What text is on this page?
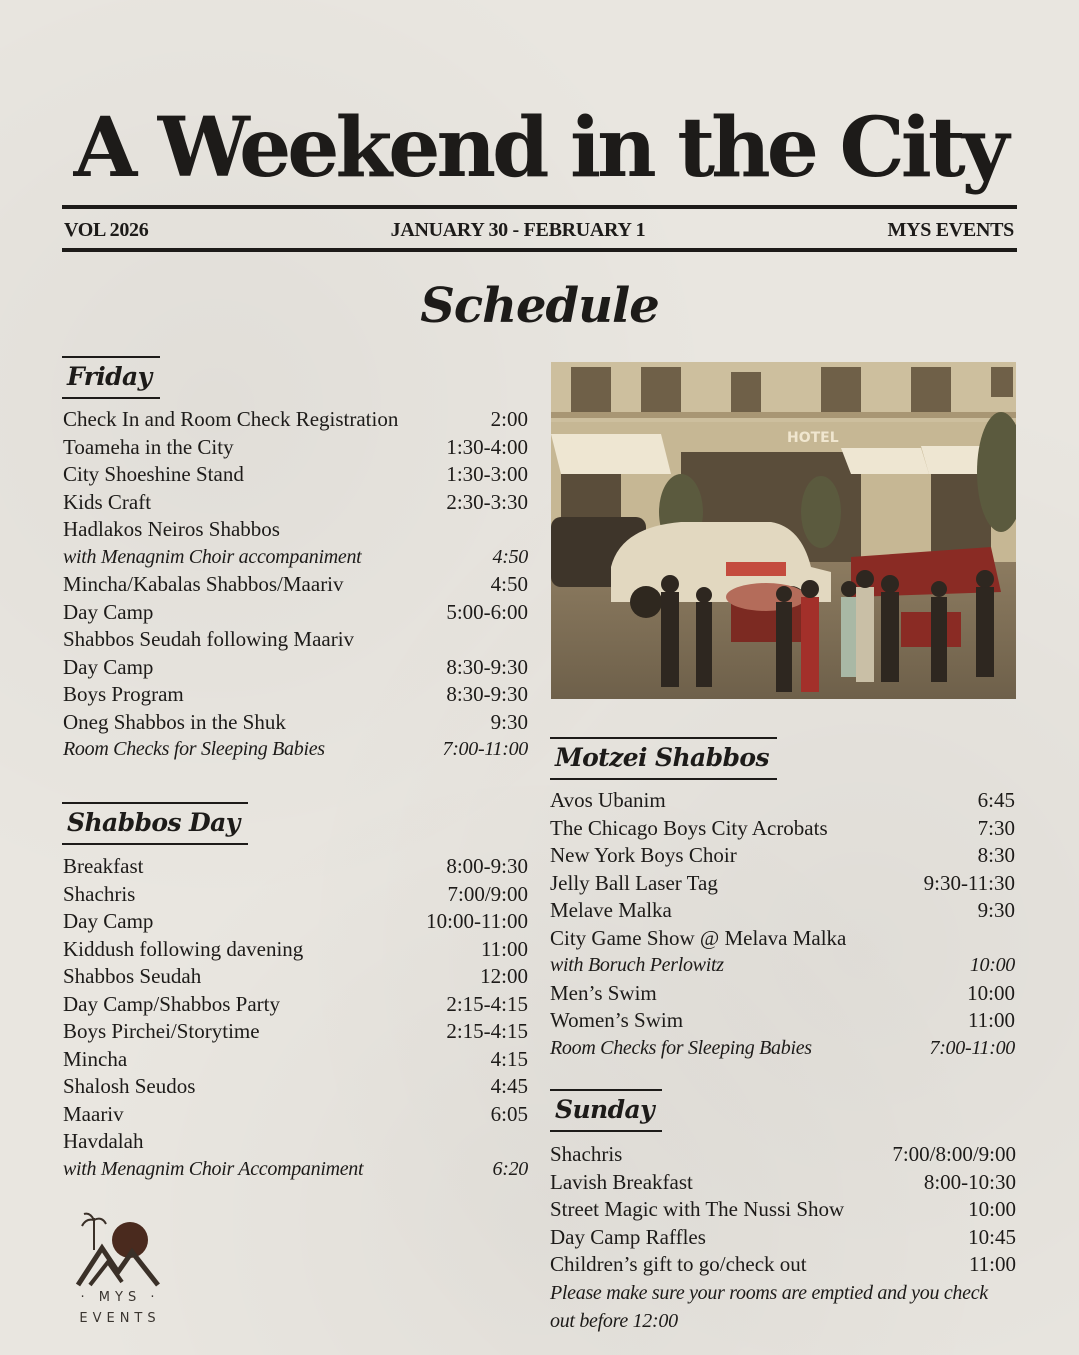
A Weekend in the City
VOL 2026	JANUARY 30 - FEBRUARY 1	MYS EVENTS
Schedule
Friday
Check In and Room Check Registration	2:00
Toameha in the City	1:30-4:00
City Shoeshine Stand	1:30-3:00
Kids Craft	2:30-3:30
Hadlakos Neiros Shabbos
with Menagnim Choir accompaniment	4:50
Mincha/Kabalas Shabbos/Maariv	4:50
Day Camp	5:00-6:00
Shabbos Seudah following Maariv
Day Camp	8:30-9:30
Boys Program	8:30-9:30
Oneg Shabbos in the Shuk	9:30
Room Checks for Sleeping Babies	7:00-11:00
Shabbos Day
Breakfast	8:00-9:30
Shachris	7:00/9:00
Day Camp	10:00-11:00
Kiddush following davening	11:00
Shabbos Seudah	12:00
Day Camp/Shabbos Party	2:15-4:15
Boys Pirchei/Storytime	2:15-4:15
Mincha	4:15
Shalosh Seudos	4:45
Maariv	6:05
Havdalah
with Menagnim Choir Accompaniment	6:20
HOTEL
Motzei Shabbos
Avos Ubanim	6:45
The Chicago Boys City Acrobats	7:30
New York Boys Choir	8:30
Jelly Ball Laser Tag	9:30-11:30
Melave Malka	9:30
City Game Show @ Melava Malka
with Boruch Perlowitz	10:00
Men’s Swim	10:00
Women’s Swim	11:00
Room Checks for Sleeping Babies	7:00-11:00
Sunday
Shachris	7:00/8:00/9:00
Lavish Breakfast	8:00-10:30
Street Magic with The Nussi Show	10:00
Day Camp Raffles	10:45
Children’s gift to go/check out	11:00
Please make sure your rooms are emptied and you check out before 12:00
· MYS ·
EVENTS
